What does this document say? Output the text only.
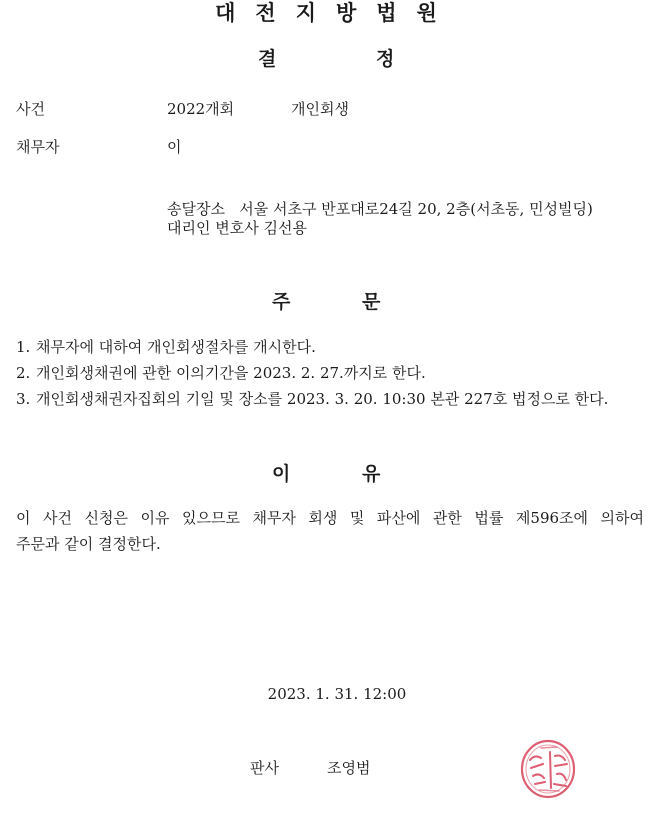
대전지방법원
결	정
사건	2022개회	개인회생
채무자	이
송달장소   서울 서초구 반포대로24길 20, 2층(서초동, 민성빌딩)
대리인 변호사 김선용
주	문
1. 채무자에 대하여 개인회생절차를 개시한다.
2. 개인회생채권에 관한 이의기간을 2023. 2. 27.까지로 한다.
3. 개인회생채권자집회의 기일 및 장소를 2023. 3. 20. 10:30 본관 227호 법정으로 한다.
이	유
이 사건 신청은 이유 있으므로 채무자 회생 및 파산에 관한 법률 제596조에 의하여
주문과 같이 결정한다.
2023. 1. 31. 12:00
판사	조영범
